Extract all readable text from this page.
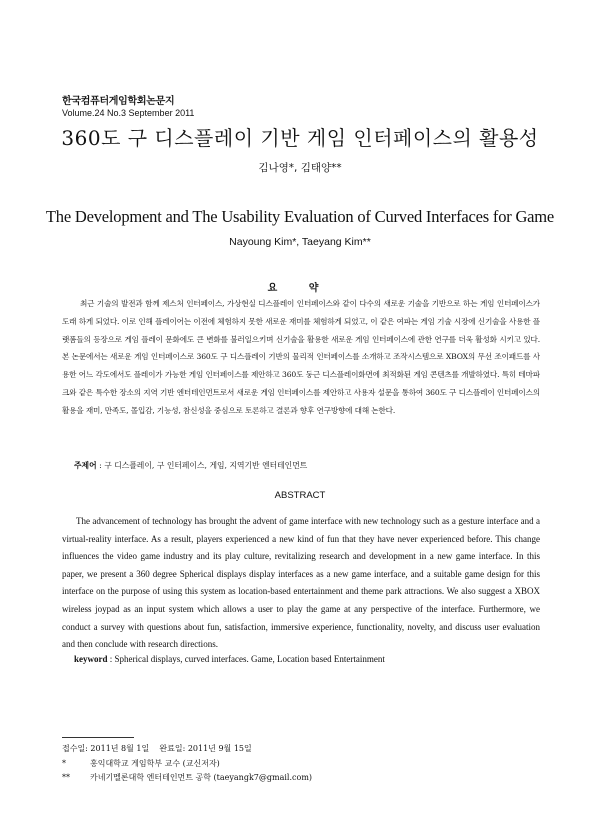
한국컴퓨터게임학회논문지
Volume.24 No.3 September 2011
360도 구 디스플레이 기반 게임 인터페이스의 활용성
김나영*, 김태양**
The Development and The Usability Evaluation of Curved Interfaces for Game
Nayoung Kim*, Taeyang Kim**
요 약

최근 기술의 발전과 함께 제스처 인터페이스, 가상현실 디스플레이 인터페이스와 같이 다수의 새로운 기술을 기반으로 하는 게임 인터페이스가 도래 하게 되었다. 이로 인해 플레이어는 이전에 체험하지 못한 새로운 재미를 체험하게 되었고, 이 같은 여파는 게임 기술 시장에 신기술을 사용한 플랫폼들의 등장으로 게임 플레이 문화에도 큰 변화를 불러일으키며 신기술을 활용한 새로운 게임 인터페이스에 관한 연구를 더욱 활성화 시키고 있다. 본 논문에서는 새로운 게임 인터페이스로 360도 구 디스플레이 기반의 물리적 인터페이스를 소개하고 조작시스템으로 XBOX의 무선 조이패드를 사용한 어느 각도에서도 플레이가 가능한 게임 인터페이스를 제안하고 360도 둥근 디스플레이화면에 최적화된 게임 콘텐츠를 개발하였다. 특히 테마파크와 같은 특수한 장소의 지역 기반 엔터테인먼트로서 새로운 게임 인터페이스를 제안하고 사용자 설문을 통하여 360도 구 디스플레이 인터페이스의 활용을 재미, 만족도, 몰입감, 기능성, 참신성을 중심으로 토론하고 결론과 향후 연구방향에 대해 논한다.

주제어 : 구 디스플레이, 구 인터페이스, 게임, 지역기반 엔터테인먼트
ABSTRACT

The advancement of technology has brought the advent of game interface with new technology such as a gesture interface and a virtual-reality interface. As a result, players experienced a new kind of fun that they have never experienced before. This change influences the video game industry and its play culture, revitalizing research and development in a new game interface. In this paper, we present a 360 degree Spherical displays display interfaces as a new game interface, and a suitable game design for this interface on the purpose of using this system as location-based entertainment and theme park attractions. We also suggest a XBOX wireless joypad as an input system which allows a user to play the game at any perspective of the interface. Furthermore, we conduct a survey with questions about fun, satisfaction, immersive experience, functionality, novelty, and discuss user evaluation and then conclude with research directions.

keyword : Spherical displays, curved interfaces. Game, Location based Entertainment
접수일: 2011년 8월 1일    완료일: 2011년 9월 15일
*	홍익대학교 게임학부 교수 (교신저자)
**	카네기멜론대학 엔터테인먼트 공학 (taeyangk7@gmail.com)
